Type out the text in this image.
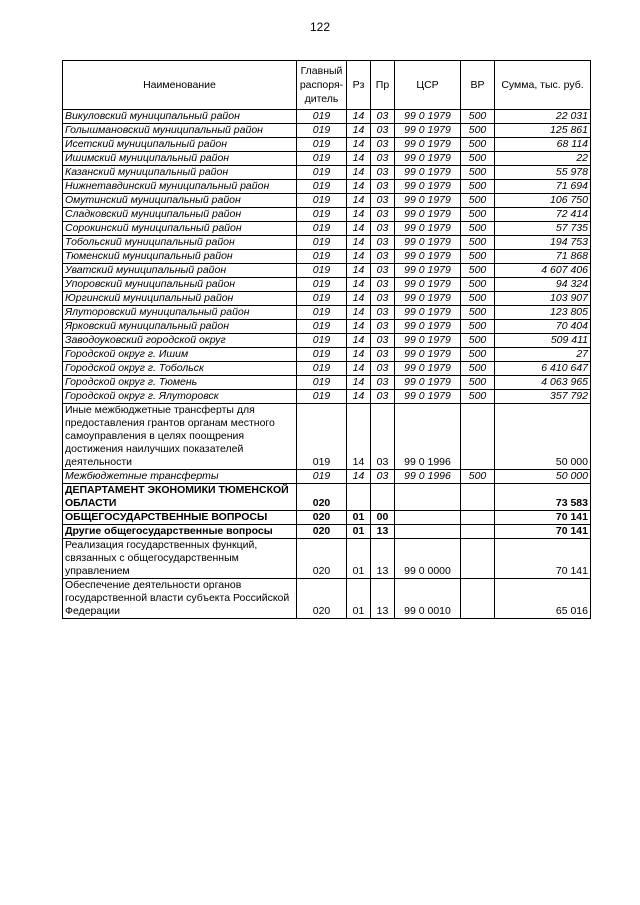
122
Наименование	Главный распоря-дитель	Рз	Пр	ЦСР	ВР	Сумма, тыс. руб.
Викуловский муниципальный район	019	14	03	99 0 1979	500	22 031
Голышмановский муниципальный район	019	14	03	99 0 1979	500	125 861
Исетский муниципальный район	019	14	03	99 0 1979	500	68 114
Ишимский муниципальный район	019	14	03	99 0 1979	500	22
Казанский муниципальный район	019	14	03	99 0 1979	500	55 978
Нижнетавдинский муниципальный район	019	14	03	99 0 1979	500	71 694
Омутинский муниципальный район	019	14	03	99 0 1979	500	106 750
Сладковский муниципальный район	019	14	03	99 0 1979	500	72 414
Сорокинский муниципальный район	019	14	03	99 0 1979	500	57 735
Тобольский муниципальный район	019	14	03	99 0 1979	500	194 753
Тюменский муниципальный район	019	14	03	99 0 1979	500	71 868
Уватский муниципальный район	019	14	03	99 0 1979	500	4 607 406
Упоровский муниципальный район	019	14	03	99 0 1979	500	94 324
Юргинский муниципальный район	019	14	03	99 0 1979	500	103 907
Ялуторовский муниципальный район	019	14	03	99 0 1979	500	123 805
Ярковский муниципальный район	019	14	03	99 0 1979	500	70 404
Заводоуковский городской округ	019	14	03	99 0 1979	500	509 411
Городской округ г. Ишим	019	14	03	99 0 1979	500	27
Городской округ г. Тобольск	019	14	03	99 0 1979	500	6 410 647
Городской округ г. Тюмень	019	14	03	99 0 1979	500	4 063 965
Городской округ г. Ялуторовск	019	14	03	99 0 1979	500	357 792
Иные межбюджетные трансферты для предоставления грантов органам местного самоуправления в целях поощрения достижения наилучших показателей деятельности	019	14	03	99 0 1996		50 000
Межбюджетные трансферты	019	14	03	99 0 1996	500	50 000
ДЕПАРТАМЕНТ ЭКОНОМИКИ ТЮМЕНСКОЙ ОБЛАСТИ	020					73 583
ОБЩЕГОСУДАРСТВЕННЫЕ ВОПРОСЫ	020	01	00			70 141
Другие общегосударственные вопросы	020	01	13			70 141
Реализация государственных функций, связанных с общегосударственным управлением	020	01	13	99 0 0000		70 141
Обеспечение деятельности органов государственной власти субъекта Российской Федерации	020	01	13	99 0 0010		65 016
